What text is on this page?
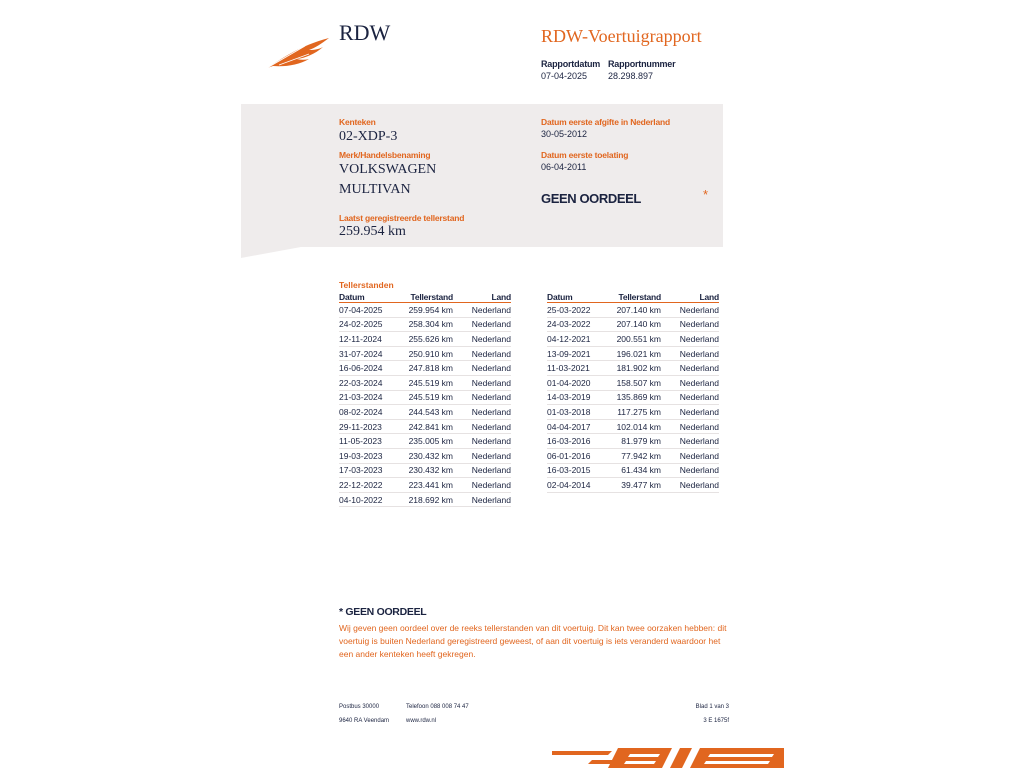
RDW	RDW-Voertuigrapport
Rapportdatum
07-04-2025
Rapportnummer
28.298.897
Kenteken
02-XDP-3
Merk/Handelsbenaming
VOLKSWAGEN
MULTIVAN
Laatst geregistreerde tellerstand
259.954 km
Datum eerste afgifte in Nederland
30-05-2012
Datum eerste toelating
06-04-2011
GEEN OORDEEL	*
Tellerstanden
Datum	Tellerstand	Land
07-04-2025	259.954 km	Nederland
24-02-2025	258.304 km	Nederland
12-11-2024	255.626 km	Nederland
31-07-2024	250.910 km	Nederland
16-06-2024	247.818 km	Nederland
22-03-2024	245.519 km	Nederland
21-03-2024	245.519 km	Nederland
08-02-2024	244.543 km	Nederland
29-11-2023	242.841 km	Nederland
11-05-2023	235.005 km	Nederland
19-03-2023	230.432 km	Nederland
17-03-2023	230.432 km	Nederland
22-12-2022	223.441 km	Nederland
04-10-2022	218.692 km	Nederland
Datum	Tellerstand	Land
25-03-2022	207.140 km	Nederland
24-03-2022	207.140 km	Nederland
04-12-2021	200.551 km	Nederland
13-09-2021	196.021 km	Nederland
11-03-2021	181.902 km	Nederland
01-04-2020	158.507 km	Nederland
14-03-2019	135.869 km	Nederland
01-03-2018	117.275 km	Nederland
04-04-2017	102.014 km	Nederland
16-03-2016	81.979 km	Nederland
06-01-2016	77.942 km	Nederland
16-03-2015	61.434 km	Nederland
02-04-2014	39.477 km	Nederland
* GEEN OORDEEL
Wij geven geen oordeel over de reeks tellerstanden van dit voertuig. Dit kan twee oorzaken hebben: dit voertuig is buiten Nederland geregistreerd geweest, of aan dit voertuig is iets veranderd waardoor het een ander kenteken heeft gekregen.
Postbus 30000
9640 RA Veendam
Telefoon 088 008 74 47
www.rdw.nl
Blad 1 van 3
3 E 1675f
